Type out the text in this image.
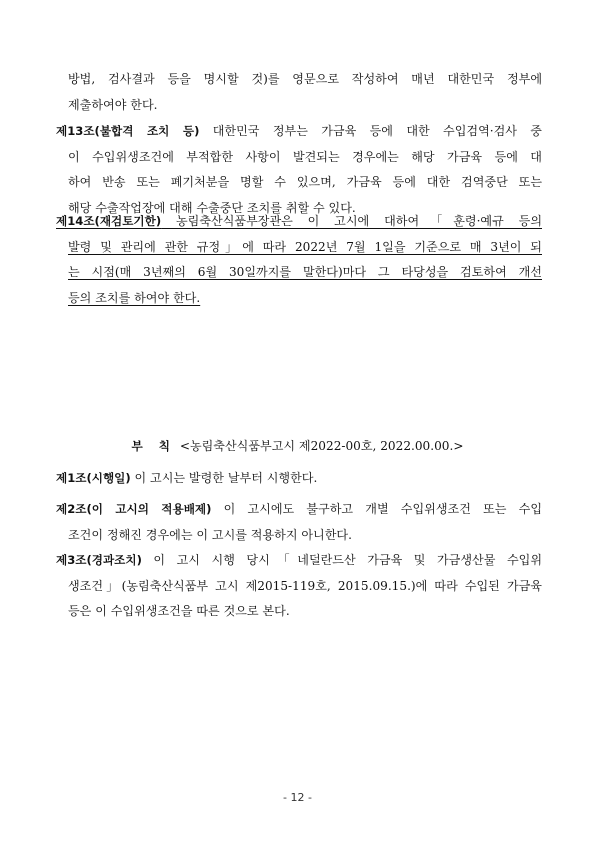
방법, 검사결과 등을 명시할 것)를 영문으로 작성하여 매년 대한민국 정부에
제출하여야 한다.
제13조(불합격 조치 등) 대한민국 정부는 가금육 등에 대한 수입검역·검사 중
이 수입위생조건에 부적합한 사항이 발견되는 경우에는 해당 가금육 등에 대
하여 반송 또는 폐기처분을 명할 수 있으며, 가금육 등에 대한 검역중단 또는
해당 수출작업장에 대해 수출중단 조치를 취할 수 있다.
제14조(재검토기한) 농림축산식품부장관은 이 고시에 대하여「훈령·예규 등의
발령 및 관리에 관한 규정」에 따라 2022년 7월 1일을 기준으로 매 3년이 되
는 시점(매 3년째의 6월 30일까지를 말한다)마다 그 타당성을 검토하여 개선
등의 조치를 하여야 한다.
부 칙 <농림축산식품부고시 제2022-00호, 2022.00.00.>
제1조(시행일) 이 고시는 발령한 날부터 시행한다.
제2조(이 고시의 적용배제) 이 고시에도 불구하고 개별 수입위생조건 또는 수입
조건이 정해진 경우에는 이 고시를 적용하지 아니한다.
제3조(경과조치) 이 고시 시행 당시「네덜란드산 가금육 및 가금생산물 수입위
생조건」(농림축산식품부 고시 제2015-119호, 2015.09.15.)에 따라 수입된 가금육
등은 이 수입위생조건을 따른 것으로 본다.
- 12 -
